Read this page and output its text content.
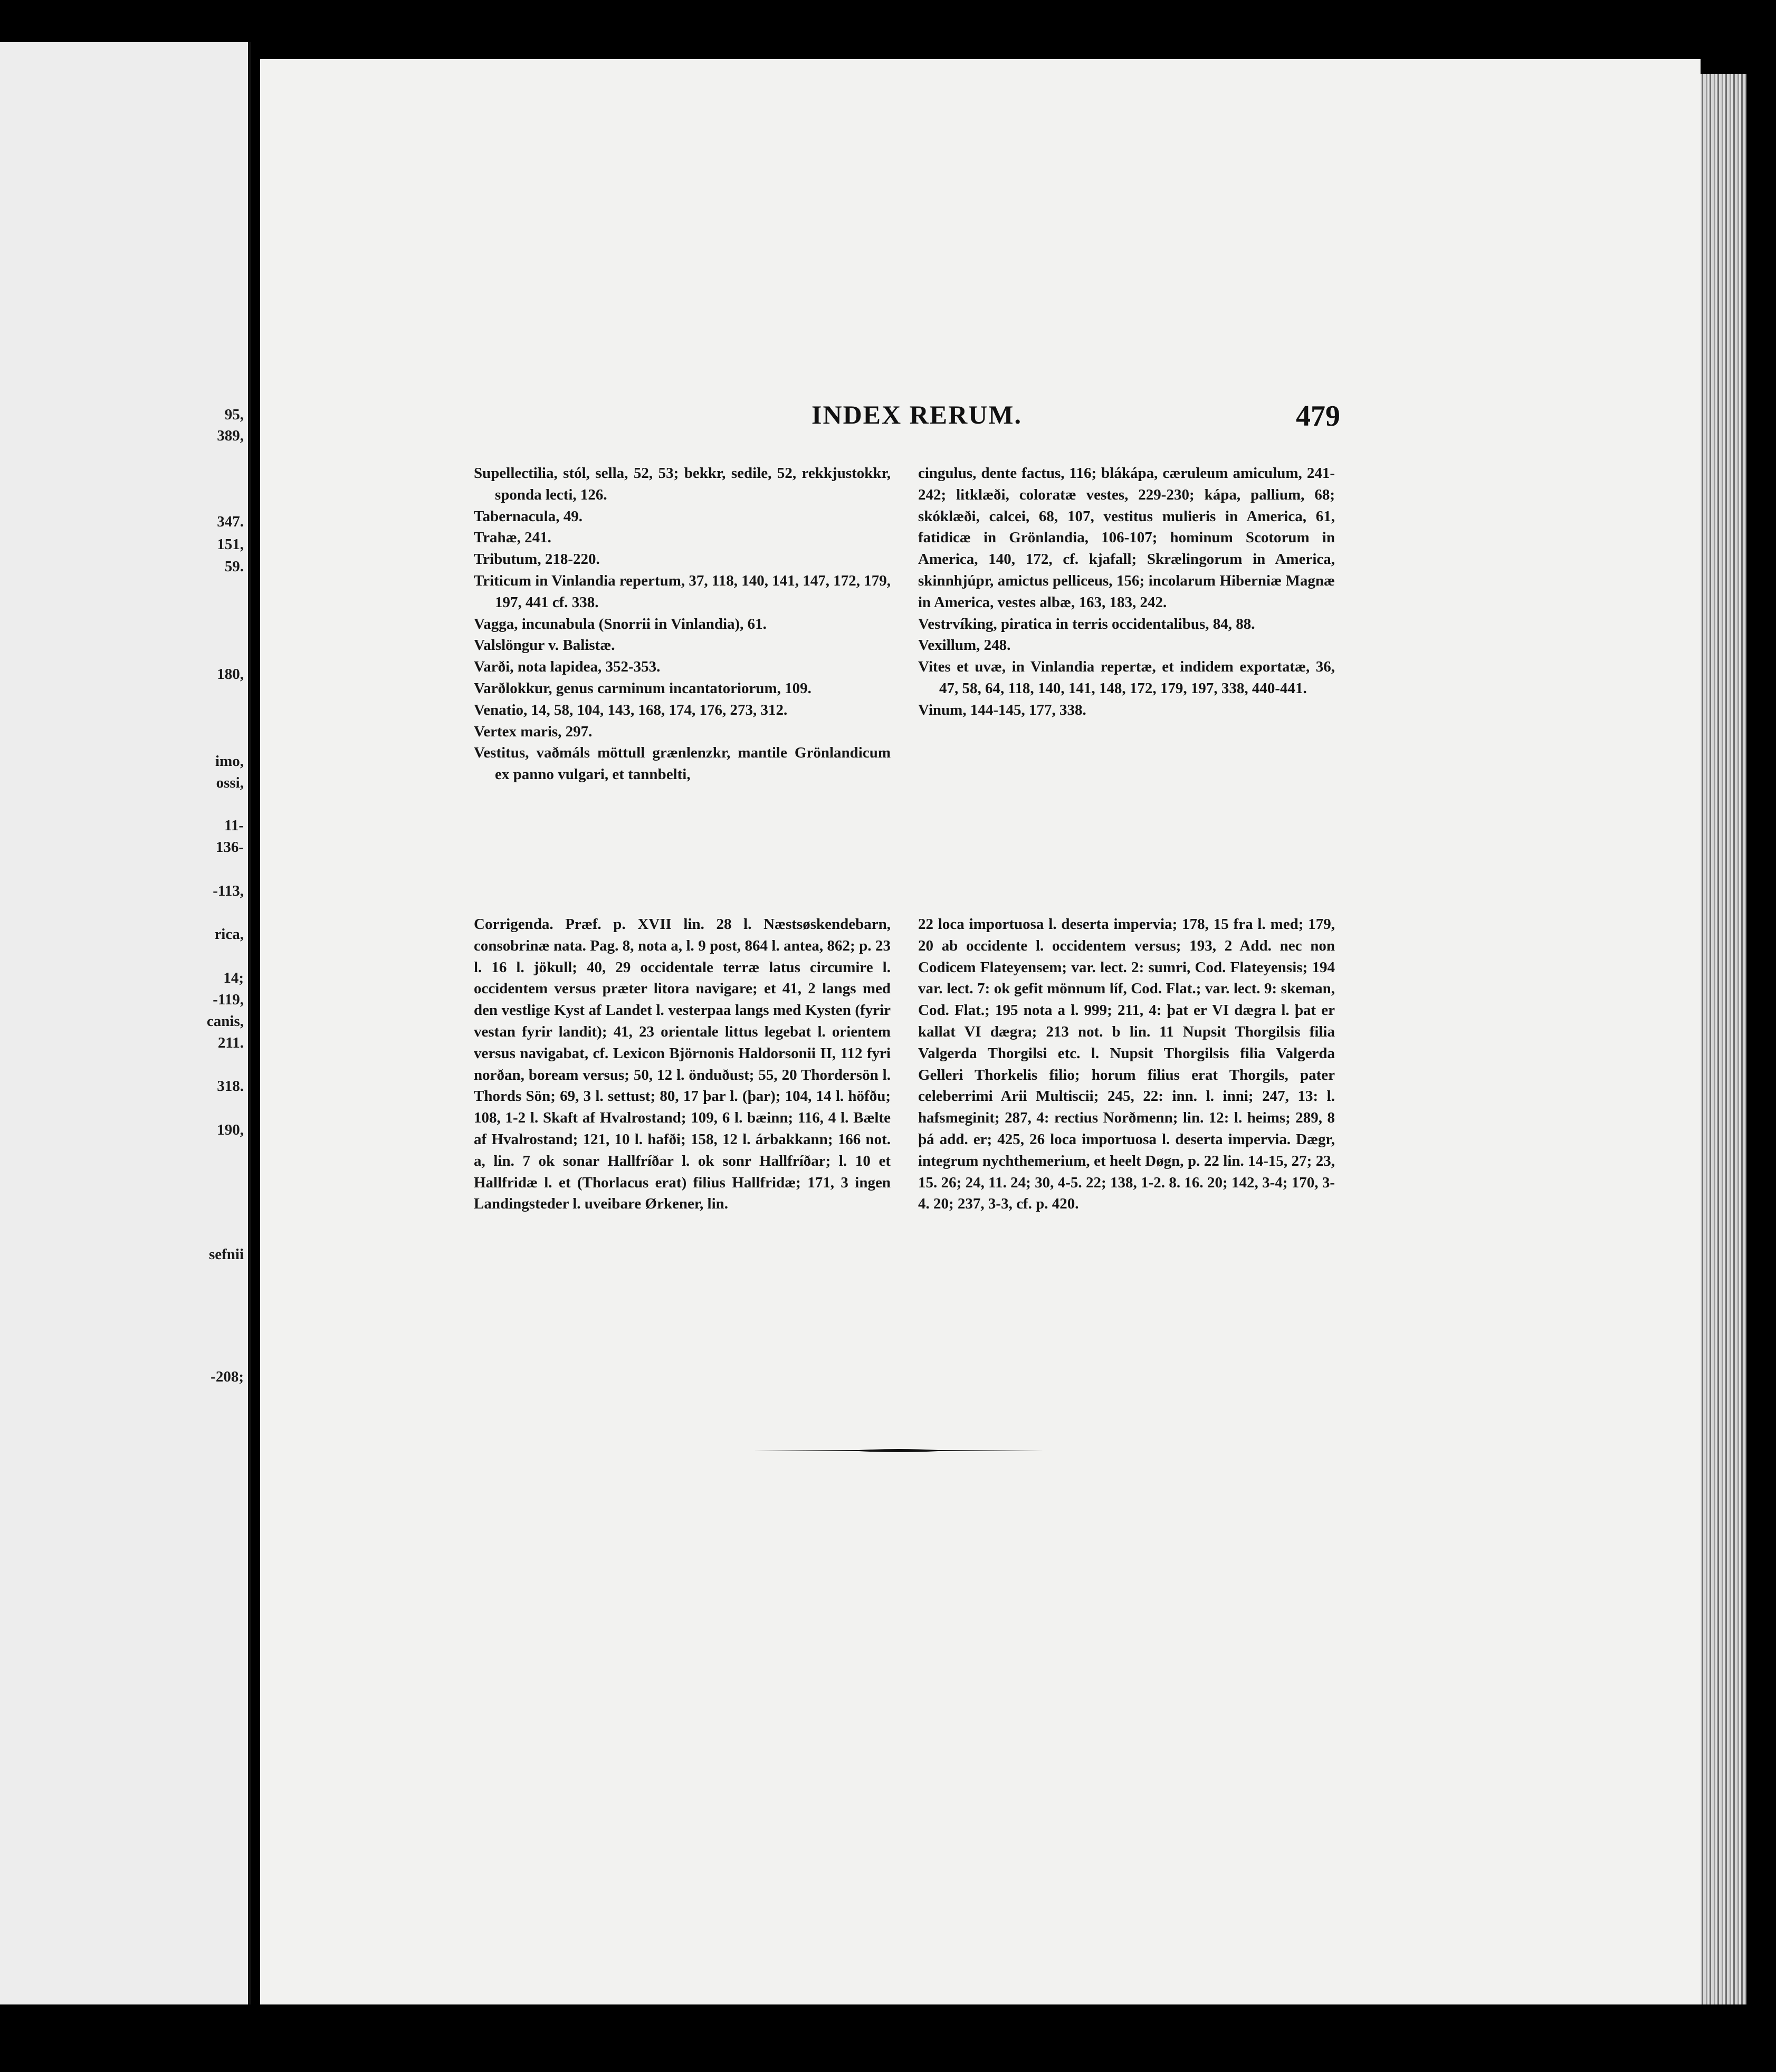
95,
389,
347.
151,
59.
180,
imo,
ossi,
11-
136-
-113,
rica,
14;
-119,
canis,
211.
318.
190,
sefnii
-208;
INDEX RERUM.	479

Supellectilia, stól, sella, 52, 53; bekkr, sedile, 52, rekkjustokkr, sponda lecti, 126.

Tabernacula, 49.

Trahæ, 241.

Tributum, 218-220.

Triticum in Vinlandia repertum, 37, 118, 140, 141, 147, 172, 179, 197, 441 cf. 338.

Vagga, incunabula (Snorrii in Vinlandia), 61.

Valslöngur v. Balistæ.

Varði, nota lapidea, 352-353.

Varðlokkur, genus carminum incantatoriorum, 109.

Venatio, 14, 58, 104, 143, 168, 174, 176, 273, 312.

Vertex maris, 297.

Vestitus, vaðmáls möttull grænlenzkr, mantile Grönlandicum ex panno vulgari, et tannbelti,

cingulus, dente factus, 116; blákápa, cæruleum amiculum, 241-242; litklæði, coloratæ vestes, 229-230; kápa, pallium, 68; skóklæði, calcei, 68, 107, vestitus mulieris in America, 61, fatidicæ in Grönlandia, 106-107; hominum Scotorum in America, 140, 172, cf. kjafall; Skrælingorum in America, skinnhjúpr, amictus pelliceus, 156; incolarum Hiberniæ Magnæ in America, vestes albæ, 163, 183, 242.

Vestrvíking, piratica in terris occidentalibus, 84, 88.

Vexillum, 248.

Vites et uvæ, in Vinlandia repertæ, et indidem exportatæ, 36, 47, 58, 64, 118, 140, 141, 148, 172, 179, 197, 338, 440-441.

Vinum, 144-145, 177, 338.

Corrigenda. Præf. p. XVII lin. 28 l. Næstsøskendebarn, consobrinæ nata. Pag. 8, nota a, l. 9 post, 864 l. antea, 862; p. 23 l. 16 l. jökull; 40, 29 occidentale terræ latus circumire l. occidentem versus præter litora navigare; et 41, 2 langs med den vestlige Kyst af Landet l. vesterpaa langs med Kysten (fyrir vestan fyrir landit); 41, 23 orientale littus legebat l. orientem versus navigabat, cf. Lexicon Björnonis Haldorsonii II, 112 fyri norðan, boream versus; 50, 12 l. önduðust; 55, 20 Thordersön l. Thords Sön; 69, 3 l. settust; 80, 17 þar l. (þar); 104, 14 l. höfðu; 108, 1-2 l. Skaft af Hvalrostand; 109, 6 l. bæinn; 116, 4 l. Bælte af Hvalrostand; 121, 10 l. hafði; 158, 12 l. árbakkann; 166 not. a, lin. 7 ok sonar Hallfríðar l. ok sonr Hallfríðar; l. 10 et Hallfridæ l. et (Thorlacus erat) filius Hallfridæ; 171, 3 ingen Landingsteder l. uveibare Ørkener, lin.

22 loca importuosa l. deserta impervia; 178, 15 fra l. med; 179, 20 ab occidente l. occidentem versus; 193, 2 Add. nec non Codicem Flateyensem; var. lect. 2: sumri, Cod. Flateyensis; 194 var. lect. 7: ok gefit mönnum líf, Cod. Flat.; var. lect. 9: skeman, Cod. Flat.; 195 nota a l. 999; 211, 4: þat er VI dægra l. þat er kallat VI dægra; 213 not. b lin. 11 Nupsit Thorgilsis filia Valgerda Thorgilsi etc. l. Nupsit Thorgilsis filia Valgerda Gelleri Thorkelis filio; horum filius erat Thorgils, pater celeberrimi Arii Multiscii; 245, 22: inn. l. inni; 247, 13: l. hafsmeginit; 287, 4: rectius Norðmenn; lin. 12: l. heims; 289, 8 þá add. er; 425, 26 loca importuosa l. deserta impervia. Dægr, integrum nychthemerium, et heelt Døgn, p. 22 lin. 14-15, 27; 23, 15. 26; 24, 11. 24; 30, 4-5. 22; 138, 1-2. 8. 16. 20; 142, 3-4; 170, 3-4. 20; 237, 3-3, cf. p. 420.
